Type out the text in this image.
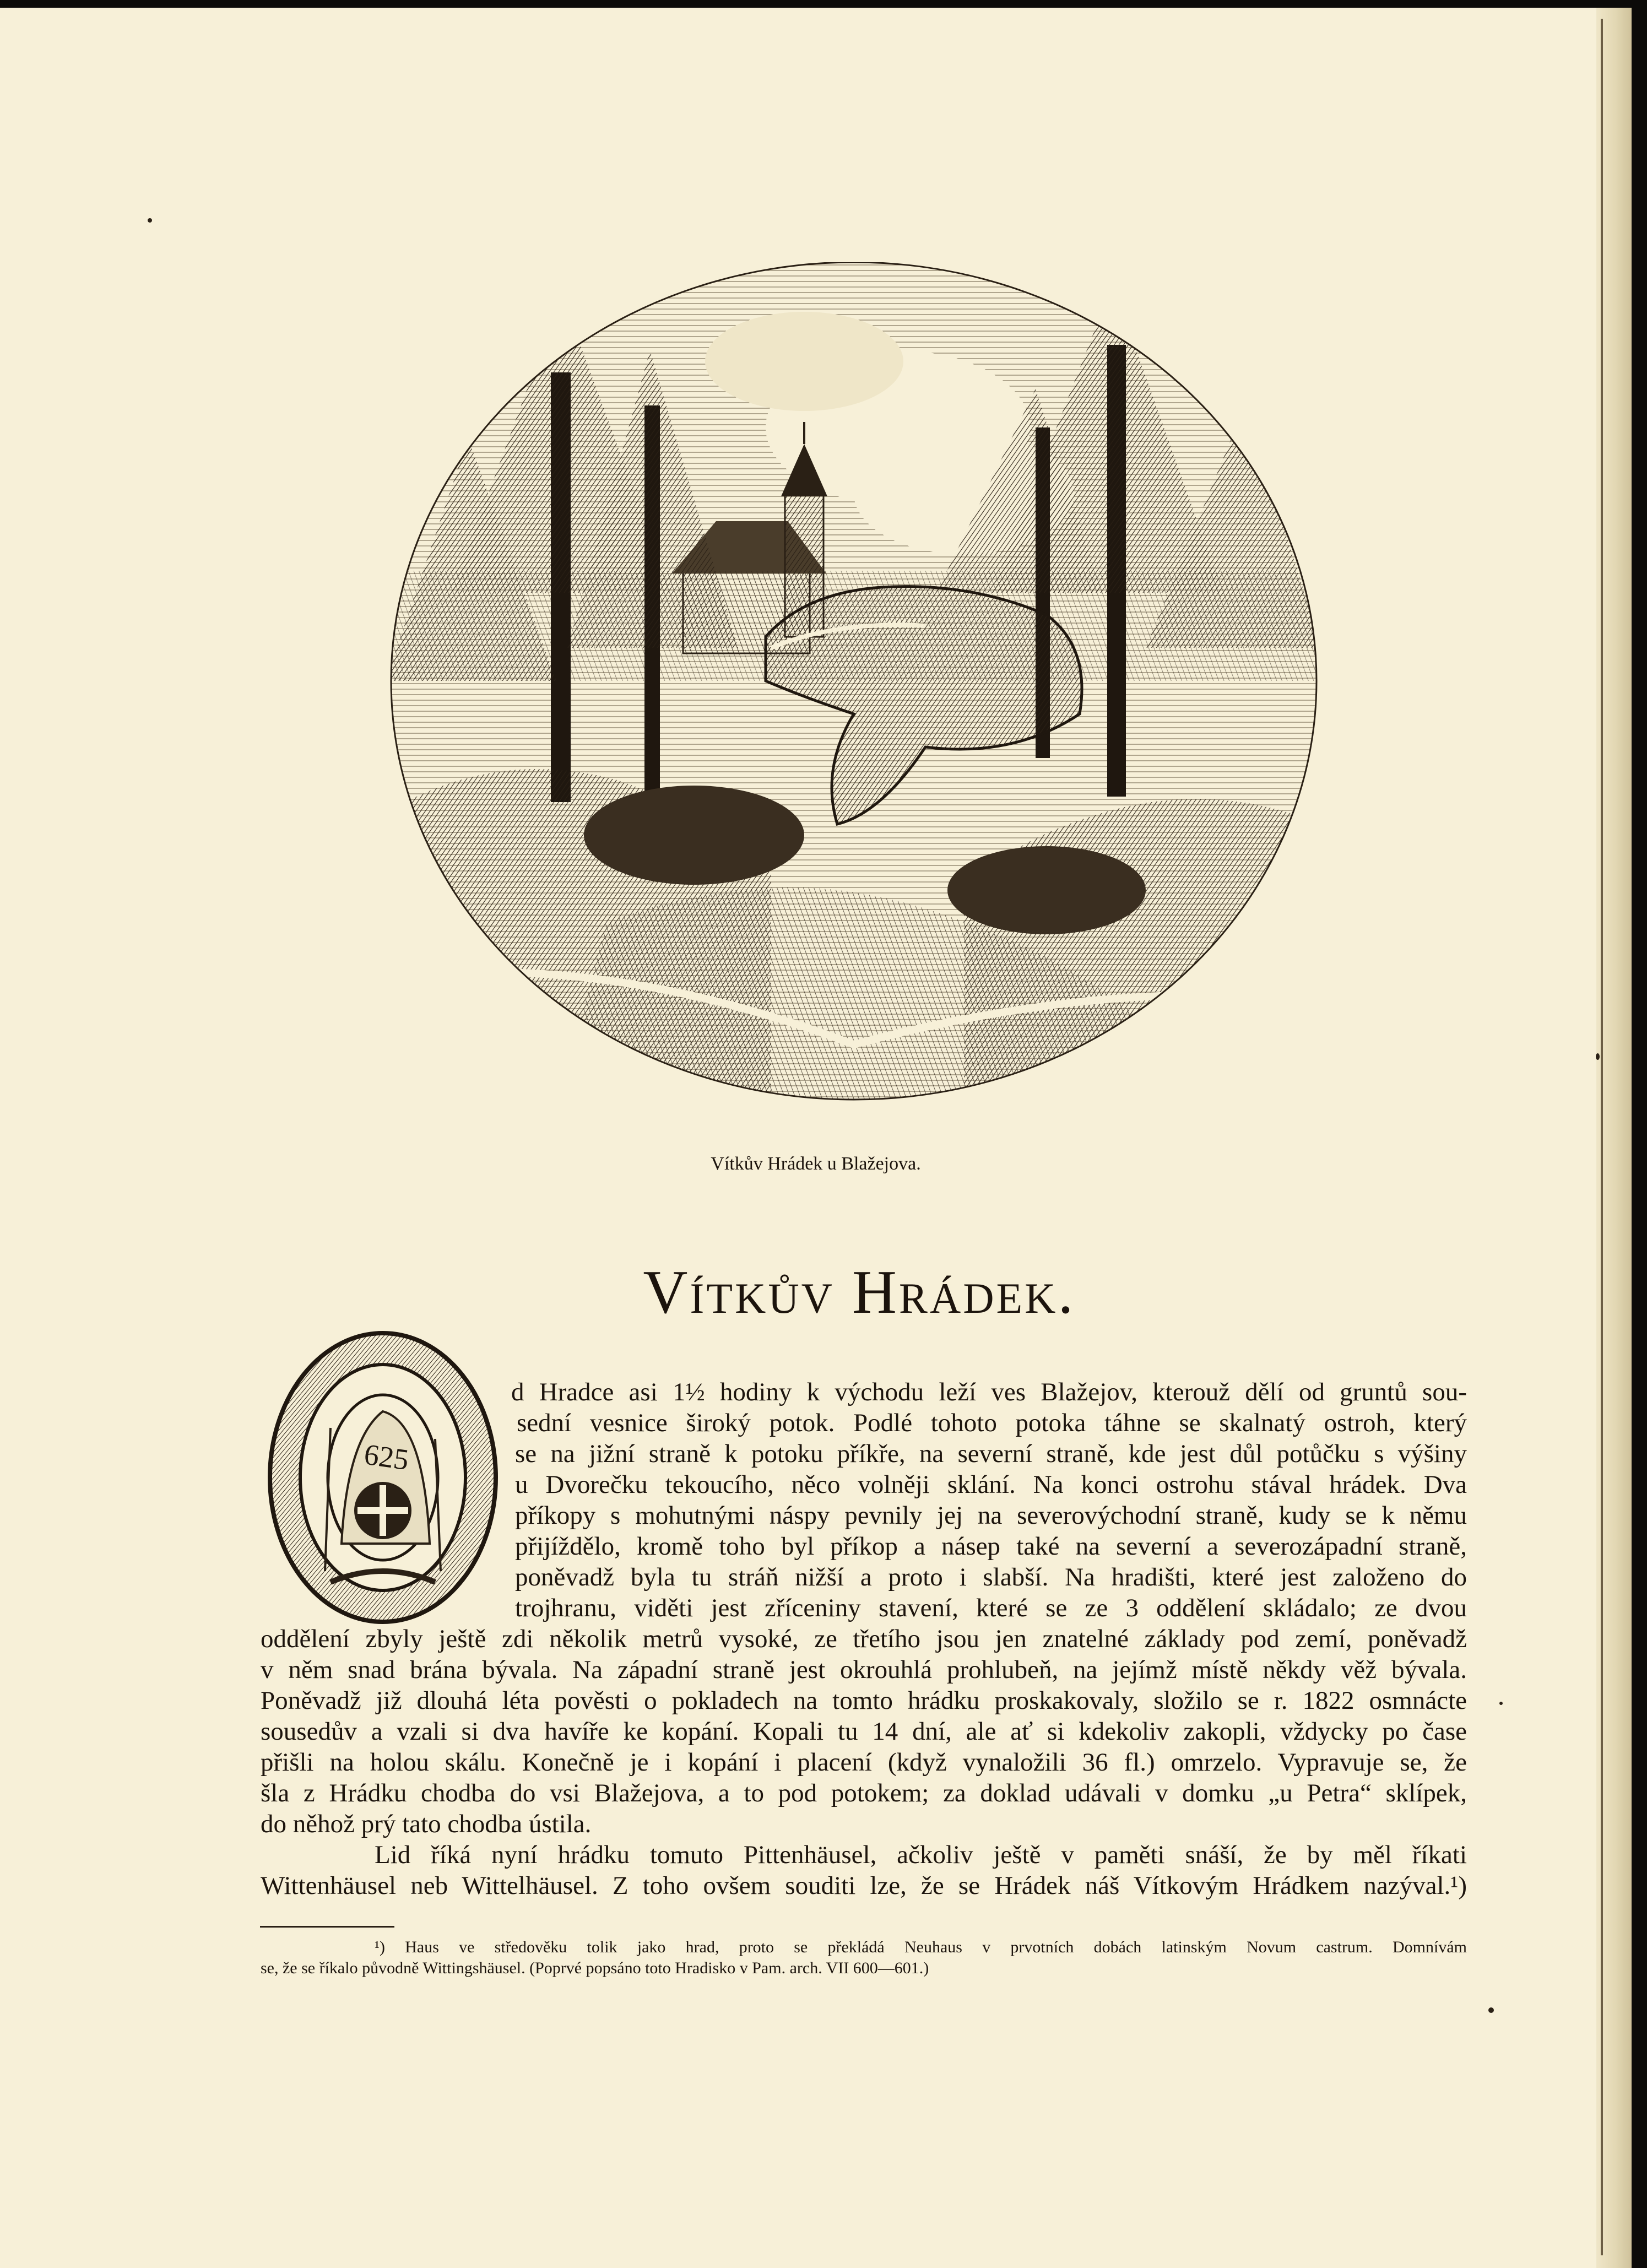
Vítkův Hrádek u Blažejova.
Vítkův Hrádek.
625
d Hradce asi 1½ hodiny k východu leží ves Blažejov, kterouž dělí od gruntů sou-
sední vesnice široký potok. Podlé tohoto potoka táhne se skalnatý ostroh, který
se na jižní straně k potoku příkře, na severní straně, kde jest důl potůčku s výšiny
u Dvorečku tekoucího, něco volněji sklání. Na konci ostrohu stával hrádek. Dva
příkopy s mohutnými náspy pevnily jej na severovýchodní straně, kudy se k němu
přijíždělo, kromě toho byl příkop a násep také na severní a severozápadní straně,
poněvadž byla tu stráň nižší a proto i slabší. Na hradišti, které jest založeno do
trojhranu, viděti jest zříceniny stavení, které se ze 3 oddělení skládalo; ze dvou
oddělení zbyly ještě zdi několik metrů vysoké, ze třetího jsou jen znatelné základy pod zemí, poněvadž
v něm snad brána bývala. Na západní straně jest okrouhlá prohlubeň, na jejímž místě někdy věž bývala.
Poněvadž již dlouhá léta pověsti o pokladech na tomto hrádku proskakovaly, složilo se r. 1822 osmnácte
sousedův a vzali si dva havíře ke kopání. Kopali tu 14 dní, ale ať si kdekoliv zakopli, vždycky po čase
přišli na holou skálu. Konečně je i kopání i placení (když vynaložili 36 fl.) omrzelo. Vypravuje se, že
šla z Hrádku chodba do vsi Blažejova, a to pod potokem; za doklad udávali v domku „u Petra“ sklípek,
do něhož prý tato chodba ústila.
Lid říká nyní hrádku tomuto Pittenhäusel, ačkoliv ještě v paměti snáší, že by měl říkati
Wittenhäusel neb Wittelhäusel. Z toho ovšem souditi lze, že se Hrádek náš Vítkovým Hrádkem nazýval.¹)
¹) Haus ve středověku tolik jako hrad, proto se překládá Neuhaus v prvotních dobách latinským Novum castrum. Domnívám
se, že se říkalo původně Wittingshäusel. (Poprvé popsáno toto Hradisko v Pam. arch. VII 600—601.)
